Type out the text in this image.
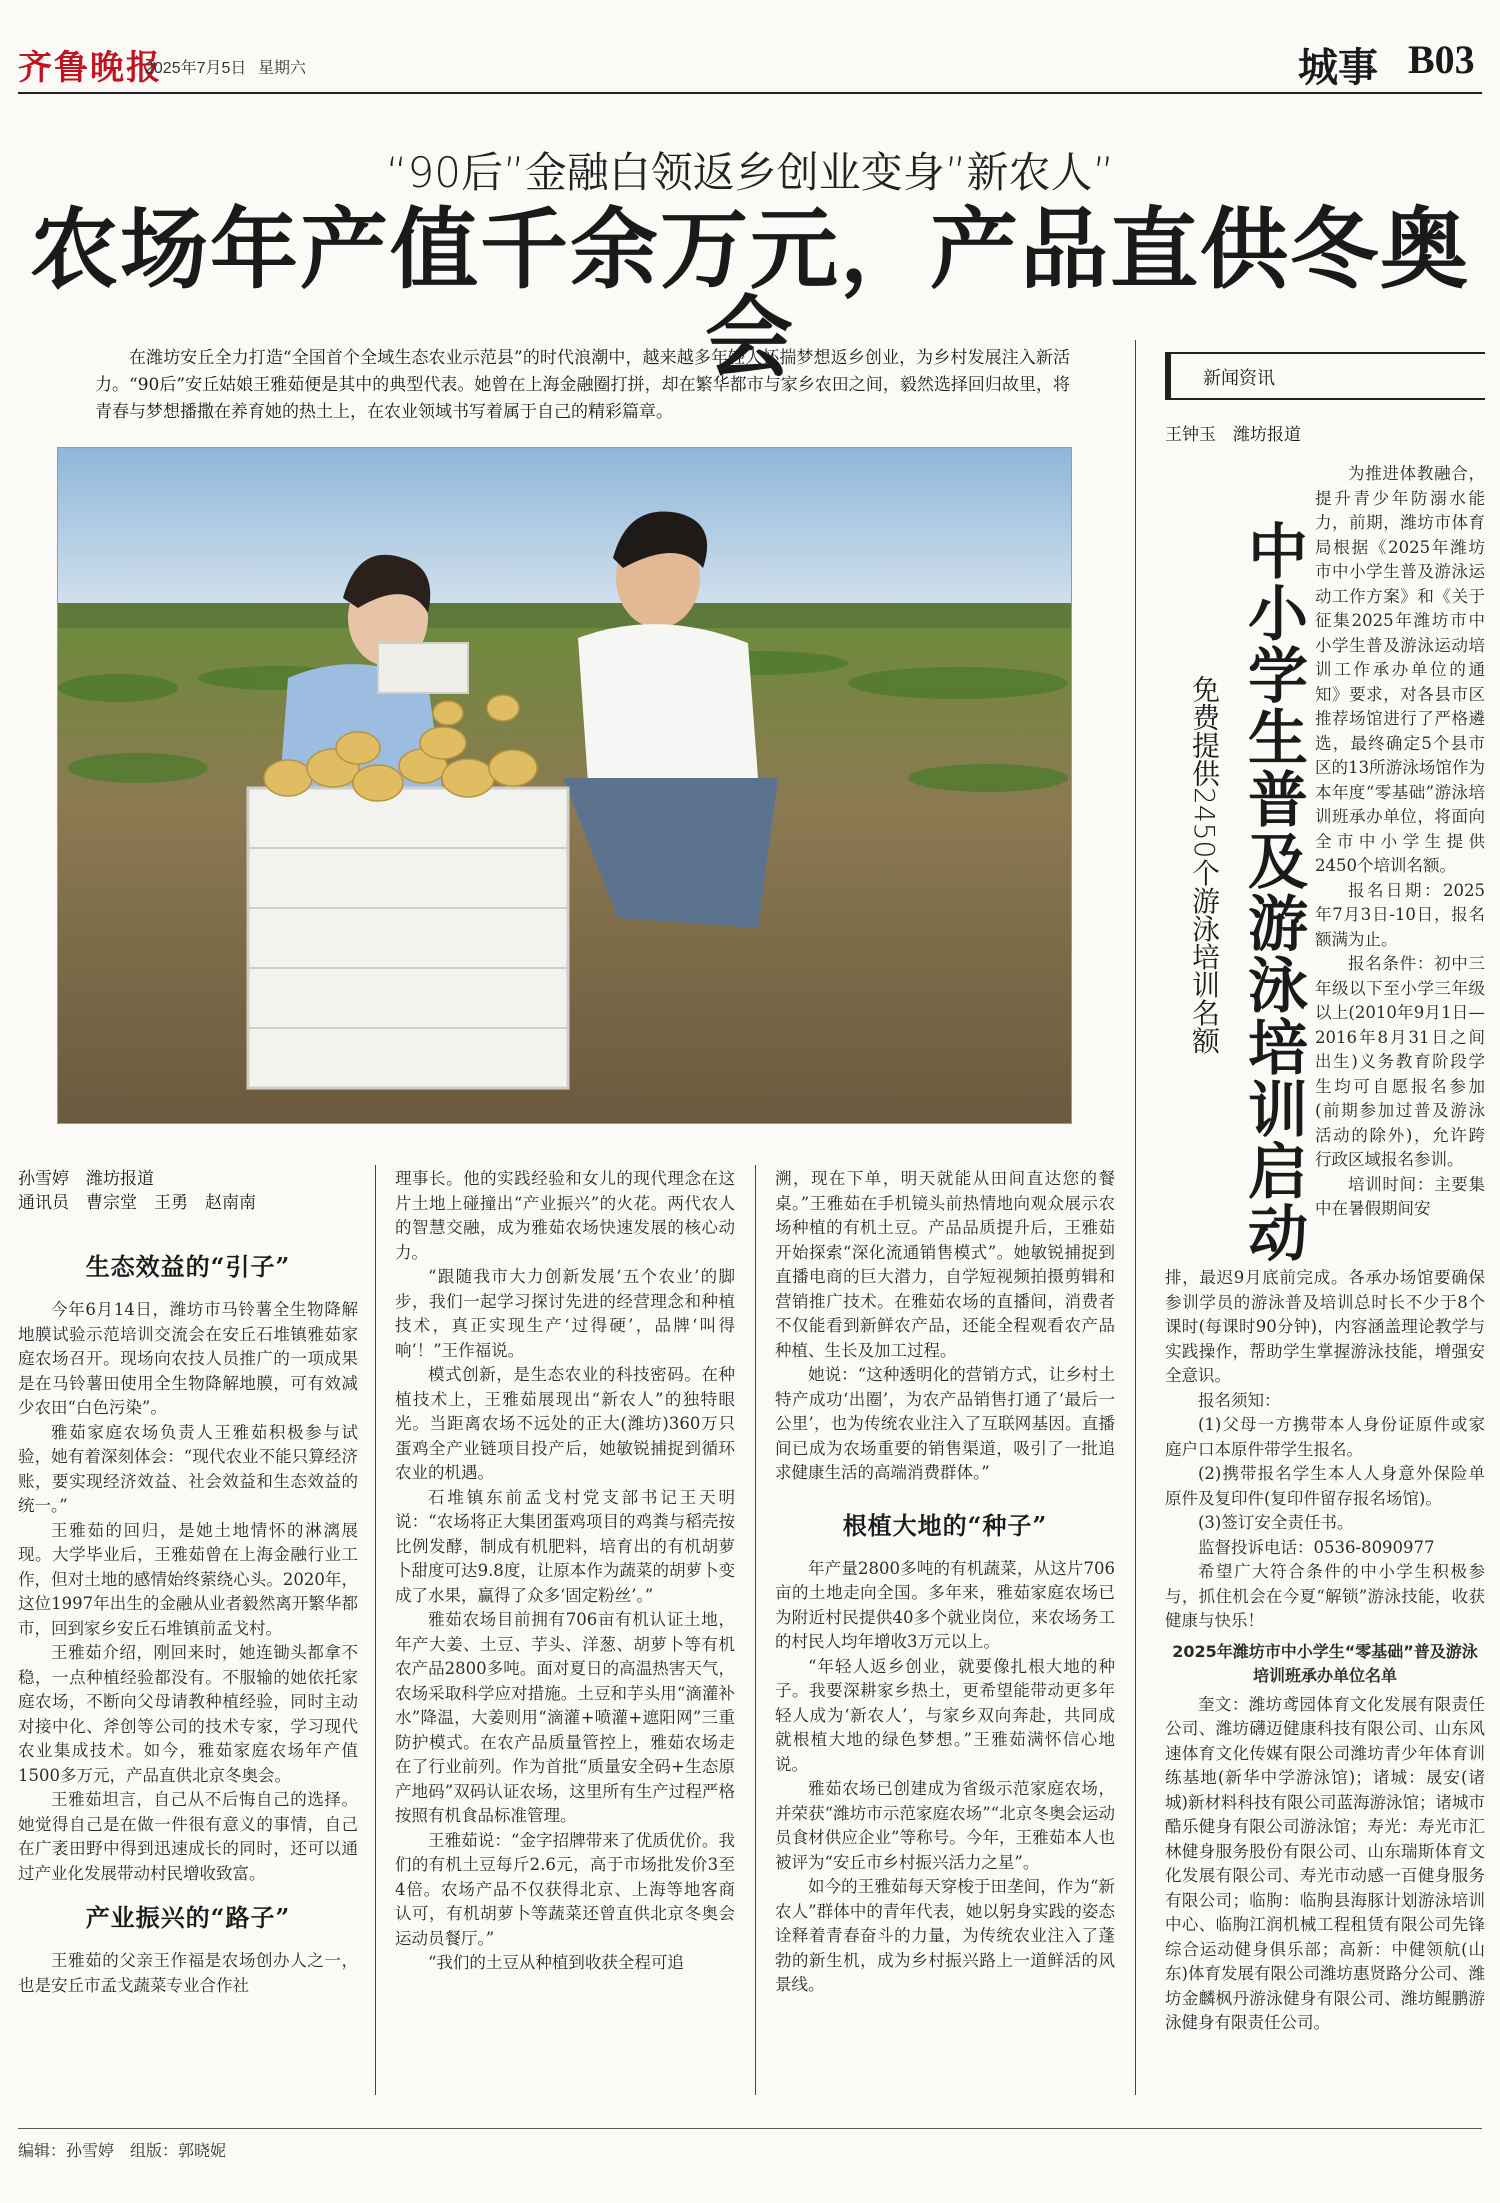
齐鲁晚报
2025年7月5日 星期六	城事 B03
“90后”金融白领返乡创业变身”新农人”
农场年产值千余万元，产品直供冬奥会
在潍坊安丘全力打造“全国首个全域生态农业示范县”的时代浪潮中，越来越多年轻人怀揣梦想返乡创业，为乡村发展注入新活力。“90后”安丘姑娘王雅茹便是其中的典型代表。她曾在上海金融圈打拼，却在繁华都市与家乡农田之间，毅然选择回归故里，将青春与梦想播撒在养育她的热土上，在农业领域书写着属于自己的精彩篇章。
孙雪婷　潍坊报道
通讯员　曹宗堂　王勇　赵南南
生态效益的“引子”

今年6月14日，潍坊市马铃薯全生物降解地膜试验示范培训交流会在安丘石堆镇雅茹家庭农场召开。现场向农技人员推广的一项成果是在马铃薯田使用全生物降解地膜，可有效减少农田“白色污染”。

雅茹家庭农场负责人王雅茹积极参与试验，她有着深刻体会：“现代农业不能只算经济账，要实现经济效益、社会效益和生态效益的统一。”

王雅茹的回归，是她土地情怀的淋漓展现。大学毕业后，王雅茹曾在上海金融行业工作，但对土地的感情始终萦绕心头。2020年，这位1997年出生的金融从业者毅然离开繁华都市，回到家乡安丘石堆镇前孟戈村。

王雅茹介绍，刚回来时，她连锄头都拿不稳，一点种植经验都没有。不服输的她依托家庭农场，不断向父母请教种植经验，同时主动对接中化、斧创等公司的技术专家，学习现代农业集成技术。如今，雅茹家庭农场年产值1500多万元，产品直供北京冬奥会。

王雅茹坦言，自己从不后悔自己的选择。她觉得自己是在做一件很有意义的事情，自己在广袤田野中得到迅速成长的同时，还可以通过产业化发展带动村民增收致富。

产业振兴的“路子”

王雅茹的父亲王作福是农场创办人之一，也是安丘市孟戈蔬菜专业合作社

理事长。他的实践经验和女儿的现代理念在这片土地上碰撞出“产业振兴”的火花。两代农人的智慧交融，成为雅茹农场快速发展的核心动力。

“跟随我市大力创新发展‘五个农业’的脚步，我们一起学习探讨先进的经营理念和种植技术，真正实现生产‘过得硬’，品牌‘叫得响’！”王作福说。

模式创新，是生态农业的科技密码。在种植技术上，王雅茹展现出“新农人”的独特眼光。当距离农场不远处的正大(潍坊)360万只蛋鸡全产业链项目投产后，她敏锐捕捉到循环农业的机遇。

石堆镇东前孟戈村党支部书记王天明说：“农场将正大集团蛋鸡项目的鸡粪与稻壳按比例发酵，制成有机肥料，培育出的有机胡萝卜甜度可达9.8度，让原本作为蔬菜的胡萝卜变成了水果，赢得了众多‘固定粉丝’。”

雅茹农场目前拥有706亩有机认证土地，年产大姜、土豆、芋头、洋葱、胡萝卜等有机农产品2800多吨。面对夏日的高温热害天气，农场采取科学应对措施。土豆和芋头用“滴灌补水”降温，大姜则用“滴灌+喷灌+遮阳网”三重防护模式。在农产品质量管控上，雅茹农场走在了行业前列。作为首批“质量安全码+生态原产地码”双码认证农场，这里所有生产过程严格按照有机食品标准管理。

王雅茹说：“金字招牌带来了优质优价。我们的有机土豆每斤2.6元，高于市场批发价3至4倍。农场产品不仅获得北京、上海等地客商认可，有机胡萝卜等蔬菜还曾直供北京冬奥会运动员餐厅。”

“我们的土豆从种植到收获全程可追

溯，现在下单，明天就能从田间直达您的餐桌。”王雅茹在手机镜头前热情地向观众展示农场种植的有机土豆。产品品质提升后，王雅茹开始探索“深化流通销售模式”。她敏锐捕捉到直播电商的巨大潜力，自学短视频拍摄剪辑和营销推广技术。在雅茹农场的直播间，消费者不仅能看到新鲜农产品，还能全程观看农产品种植、生长及加工过程。

她说：“这种透明化的营销方式，让乡村土特产成功‘出圈’，为农产品销售打通了‘最后一公里’，也为传统农业注入了互联网基因。直播间已成为农场重要的销售渠道，吸引了一批追求健康生活的高端消费群体。”

根植大地的“种子”

年产量2800多吨的有机蔬菜，从这片706亩的土地走向全国。多年来，雅茹家庭农场已为附近村民提供40多个就业岗位，来农场务工的村民人均年增收3万元以上。

“年轻人返乡创业，就要像扎根大地的种子。我要深耕家乡热土，更希望能带动更多年轻人成为‘新农人’，与家乡双向奔赴，共同成就根植大地的绿色梦想。”王雅茹满怀信心地说。

雅茹农场已创建成为省级示范家庭农场，并荣获“潍坊市示范家庭农场”“北京冬奥会运动员食材供应企业”等称号。今年，王雅茹本人也被评为“安丘市乡村振兴活力之星”。

如今的王雅茹每天穿梭于田垄间，作为“新农人”群体中的青年代表，她以躬身实践的姿态诠释着青春奋斗的力量，为传统农业注入了蓬勃的新生机，成为乡村振兴路上一道鲜活的风景线。

新闻资讯
王钟玉　潍坊报道
中小学生普及游泳培训启动
免费提供2450个游泳培训名额

为推进体教融合，提升青少年防溺水能力，前期，潍坊市体育局根据《2025年潍坊市中小学生普及游泳运动工作方案》和《关于征集2025年潍坊市中小学生普及游泳运动培训工作承办单位的通知》要求，对各县市区推荐场馆进行了严格遴选，最终确定5个县市区的13所游泳场馆作为本年度“零基础”游泳培训班承办单位，将面向全市中小学生提供2450个培训名额。

报名日期：2025年7月3日-10日，报名额满为止。

报名条件：初中三年级以下至小学三年级以上(2010年9月1日—2016年8月31日之间出生)义务教育阶段学生均可自愿报名参加(前期参加过普及游泳活动的除外)，允许跨行政区域报名参训。

培训时间：主要集中在暑假期间安

排，最迟9月底前完成。各承办场馆要确保参训学员的游泳普及培训总时长不少于8个课时(每课时90分钟)，内容涵盖理论教学与实践操作，帮助学生掌握游泳技能，增强安全意识。

报名须知：

(1)父母一方携带本人身份证原件或家庭户口本原件带学生报名。

(2)携带报名学生本人人身意外保险单原件及复印件(复印件留存报名场馆)。

(3)签订安全责任书。

监督投诉电话：0536-8090977

希望广大符合条件的中小学生积极参与，抓住机会在今夏“解锁”游泳技能，收获健康与快乐！

2025年潍坊市中小学生“零基础”普及游泳培训班承办单位名单

奎文：潍坊鸢园体育文化发展有限责任公司、潍坊礴迈健康科技有限公司、山东风速体育文化传媒有限公司潍坊青少年体育训练基地(新华中学游泳馆)；诸城：晟安(诸城)新材料科技有限公司蓝海游泳馆；诸城市酷乐健身有限公司游泳馆；寿光：寿光市汇林健身服务股份有限公司、山东瑞斯体育文化发展有限公司、寿光市动感一百健身服务有限公司；临朐：临朐县海豚计划游泳培训中心、临朐江润机械工程租赁有限公司先锋综合运动健身俱乐部；高新：中健领航(山东)体育发展有限公司潍坊惠贤路分公司、潍坊金麟枫丹游泳健身有限公司、潍坊鲲鹏游泳健身有限责任公司。

编辑：孙雪婷　组版：郭晓妮
